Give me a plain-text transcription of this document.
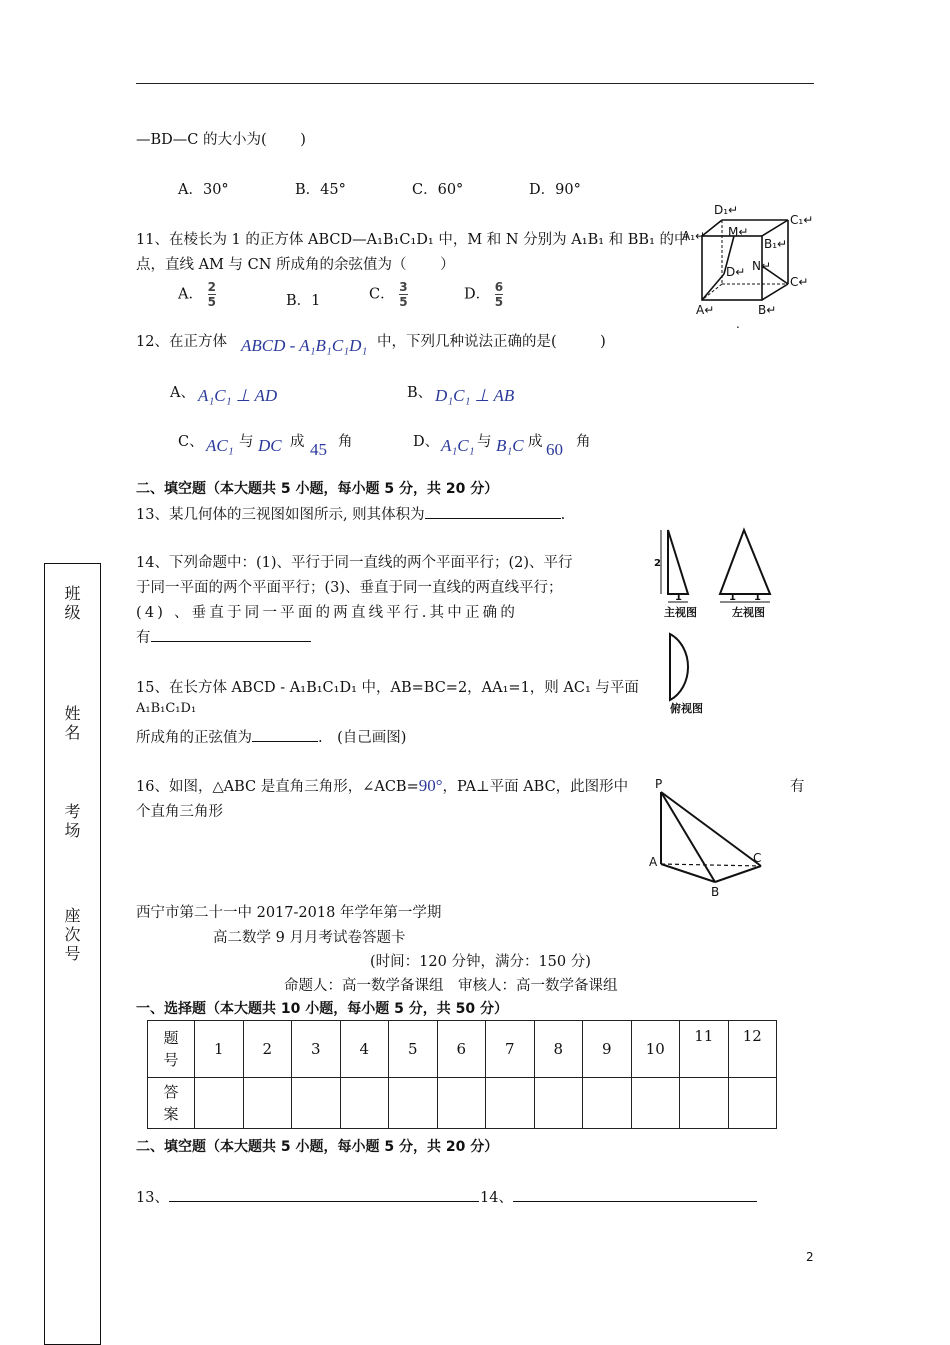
—BD—C 的大小为(　　 )
A．30°	B．45°	C．60°	D．90°
11、在棱长为 1 的正方体 ABCD—A₁B₁C₁D₁ 中，M 和 N 分别为 A₁B₁ 和 BB₁ 的中
点，直线 AM 与 CN 所成角的余弦值为（　　 ）
A． $\frac{2}{5}$	B．1	C． $\frac{3}{5}$	D． $\frac{6}{5}$
D₁↵
C₁↵
A₁↵ M↵
B₁↵
D↵ N↵
C↵
A↵	B↵
.
12、在正方体 ABCD - A₁B₁C₁D₁ 中，下列几种说法正确的是(　　　)
A、 A₁C₁ ⊥ AD	B、 D₁C₁ ⊥ AB
C、 AC₁ 与 DC 成 45 角	D、 A₁C₁ 与 B₁C 成 60 角
二、填空题（本大题共 5 小题，每小题 5 分，共 20 分）
13、某几何体的三视图如图所示, 则其体积为	.
14、下列命题中：(1)、平行于同一直线的两个平面平行；(2)、平行
于同一平面的两个平面平行；(3)、垂直于同一直线的两直线平行；
(4) 、垂直于同一平面的两直线平行.其中正确的
有
2
1	1 1
主视图	左视图
俯视图
15、在长方体 ABCD - A₁B₁C₁D₁ 中，AB=BC=2，AA₁=1，则 AC₁ 与平面
A₁B₁C₁D₁
所成角的正弦值为	.　(自己画图)
16、如图，△ABC 是直角三角形，∠ACB=90°，PA⊥平面 ABC，此图形中	有
个直角三角形
P
A
B
C
西宁市第二十一中 2017-2018 年学年第一学期
高二数学 9 月月考试卷答题卡
(时间：120 分钟，满分：150 分)
命题人：高一数学备课组　审核人：高一数学备课组
一、选择题（本大题共 10 小题，每小题 5 分，共 50 分）
题
号	1	2	3	4	5	6	7	8	9	10	11	12
答
案												
二、填空题（本大题共 5 小题，每小题 5 分，共 20 分）
13、	14、
班
级
姓
名
考
场
座
次
号
2
